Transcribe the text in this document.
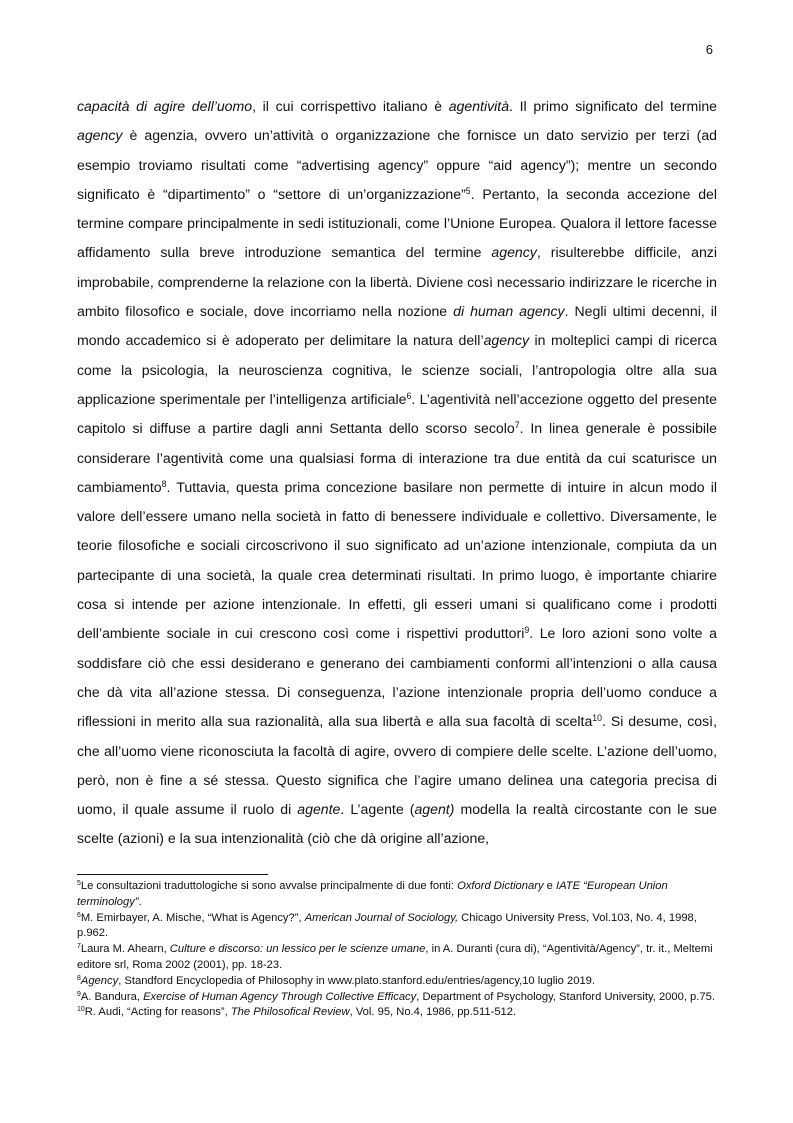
6

capacità di agire dell’uomo, il cui corrispettivo italiano è agentività. Il primo significato del termine agency è agenzia, ovvero un’attività o organizzazione che fornisce un dato servizio per terzi (ad esempio troviamo risultati come “advertising agency” oppure “aid agency”); mentre un secondo significato è “dipartimento” o “settore di un’organizzazione”$^5$. Pertanto, la seconda accezione del termine compare principalmente in sedi istituzionali, come l’Unione Europea. Qualora il lettore facesse affidamento sulla breve introduzione semantica del termine agency, risulterebbe difficile, anzi improbabile, comprenderne la relazione con la libertà. Diviene così necessario indirizzare le ricerche in ambito filosofico e sociale, dove incorriamo nella nozione di human agency. Negli ultimi decenni, il mondo accademico si è adoperato per delimitare la natura dell’agency in molteplici campi di ricerca come la psicologia, la neuroscienza cognitiva, le scienze sociali, l’antropologia oltre alla sua applicazione sperimentale per l’intelligenza artificiale$^6$. L’agentività nell’accezione oggetto del presente capitolo si diffuse a partire dagli anni Settanta dello scorso secolo$^7$. In linea generale è possibile considerare l’agentività come una qualsiasi forma di interazione tra due entità da cui scaturisce un cambiamento$^8$. Tuttavia, questa prima concezione basilare non permette di intuire in alcun modo il valore dell’essere umano nella società in fatto di benessere individuale e collettivo. Diversamente, le teorie filosofiche e sociali circoscrivono il suo significato ad un’azione intenzionale, compiuta da un partecipante di una società, la quale crea determinati risultati. In primo luogo, è importante chiarire cosa si intende per azione intenzionale. In effetti, gli esseri umani si qualificano come i prodotti dell’ambiente sociale in cui crescono così come i rispettivi produttori$^9$. Le loro azioni sono volte a soddisfare ciò che essi desiderano e generano dei cambiamenti conformi all’intenzioni o alla causa che dà vita all’azione stessa. Di conseguenza, l’azione intenzionale propria dell’uomo conduce a riflessioni in merito alla sua razionalità, alla sua libertà e alla sua facoltà di scelta$^{10}$. Si desume, così, che all’uomo viene riconosciuta la facoltà di agire, ovvero di compiere delle scelte. L’azione dell’uomo, però, non è fine a sé stessa. Questo significa che l’agire umano delinea una categoria precisa di uomo, il quale assume il ruolo di agente. L’agente (agent) modella la realtà circostante con le sue scelte (azioni) e la sua intenzionalità (ciò che dà origine all’azione,

$^5$Le consultazioni traduttologiche si sono avvalse principalmente di due fonti: Oxford Dictionary e IATE “European Union terminology”.

$^6$M. Emirbayer, A. Mische, “What is Agency?”, American Journal of Sociology, Chicago University Press, Vol.103, No. 4, 1998, p.962.

$^7$Laura M. Ahearn, Culture e discorso: un lessico per le scienze umane, in A. Duranti (cura di), “Agentività/Agency”, tr. it., Meltemi editore srl, Roma 2002 (2001), pp. 18-23.

$^8$Agency, Standford Encyclopedia of Philosophy in www.plato.stanford.edu/entries/agency,10 luglio 2019.

$^9$A. Bandura, Exercise of Human Agency Through Collective Efficacy, Department of Psychology, Stanford University, 2000, p.75.

$^{10}$R. Audi, “Acting for reasons”, The Philosofical Review, Vol. 95, No.4, 1986, pp.511-512.
